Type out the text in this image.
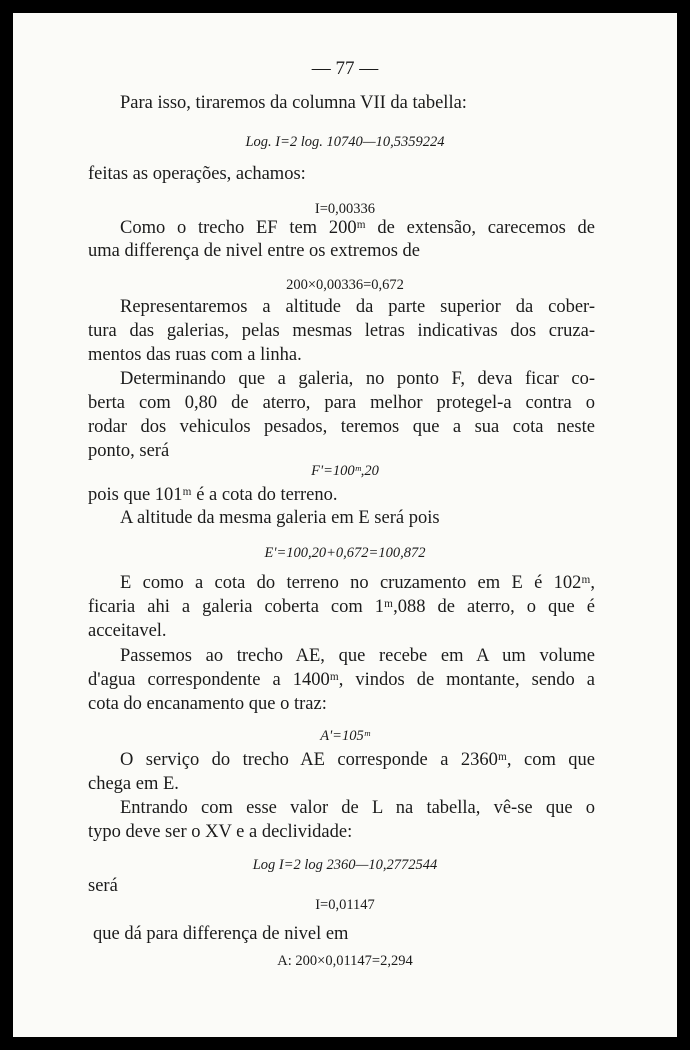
— 77 —
Para isso, tiraremos da columna VII da tabella:
Log. I=2 log. 10740—10,5359224
feitas as operações, achamos:
I=0,00336
Como o trecho EF tem 200ᵐ de extensão, carecemos de
uma differença de nivel entre os extremos de
200×0,00336=0,672
Representaremos a altitude da parte superior da cober-
tura das galerias, pelas mesmas letras indicativas dos cruza-
mentos das ruas com a linha.
Determinando que a galeria, no ponto F, deva ficar co-
berta com 0,80 de aterro, para melhor protegel-a contra o
rodar dos vehiculos pesados, teremos que a sua cota neste
ponto, será
F'=100ᵐ,20
pois que 101ᵐ é a cota do terreno.
A altitude da mesma galeria em E será pois
E'=100,20+0,672=100,872
E como a cota do terreno no cruzamento em E é 102ᵐ,
ficaria ahi a galeria coberta com 1ᵐ,088 de aterro, o que é
acceitavel.
Passemos ao trecho AE, que recebe em A um volume
d'agua correspondente a 1400ᵐ, vindos de montante, sendo a
cota do encanamento que o traz:
A'=105ᵐ
O serviço do trecho AE corresponde a 2360ᵐ, com que
chega em E.
Entrando com esse valor de L na tabella, vê-se que o
typo deve ser o XV e a declividade:
Log I=2 log 2360—10,2772544
será
I=0,01147
que dá para differença de nivel em
A: 200×0,01147=2,294
